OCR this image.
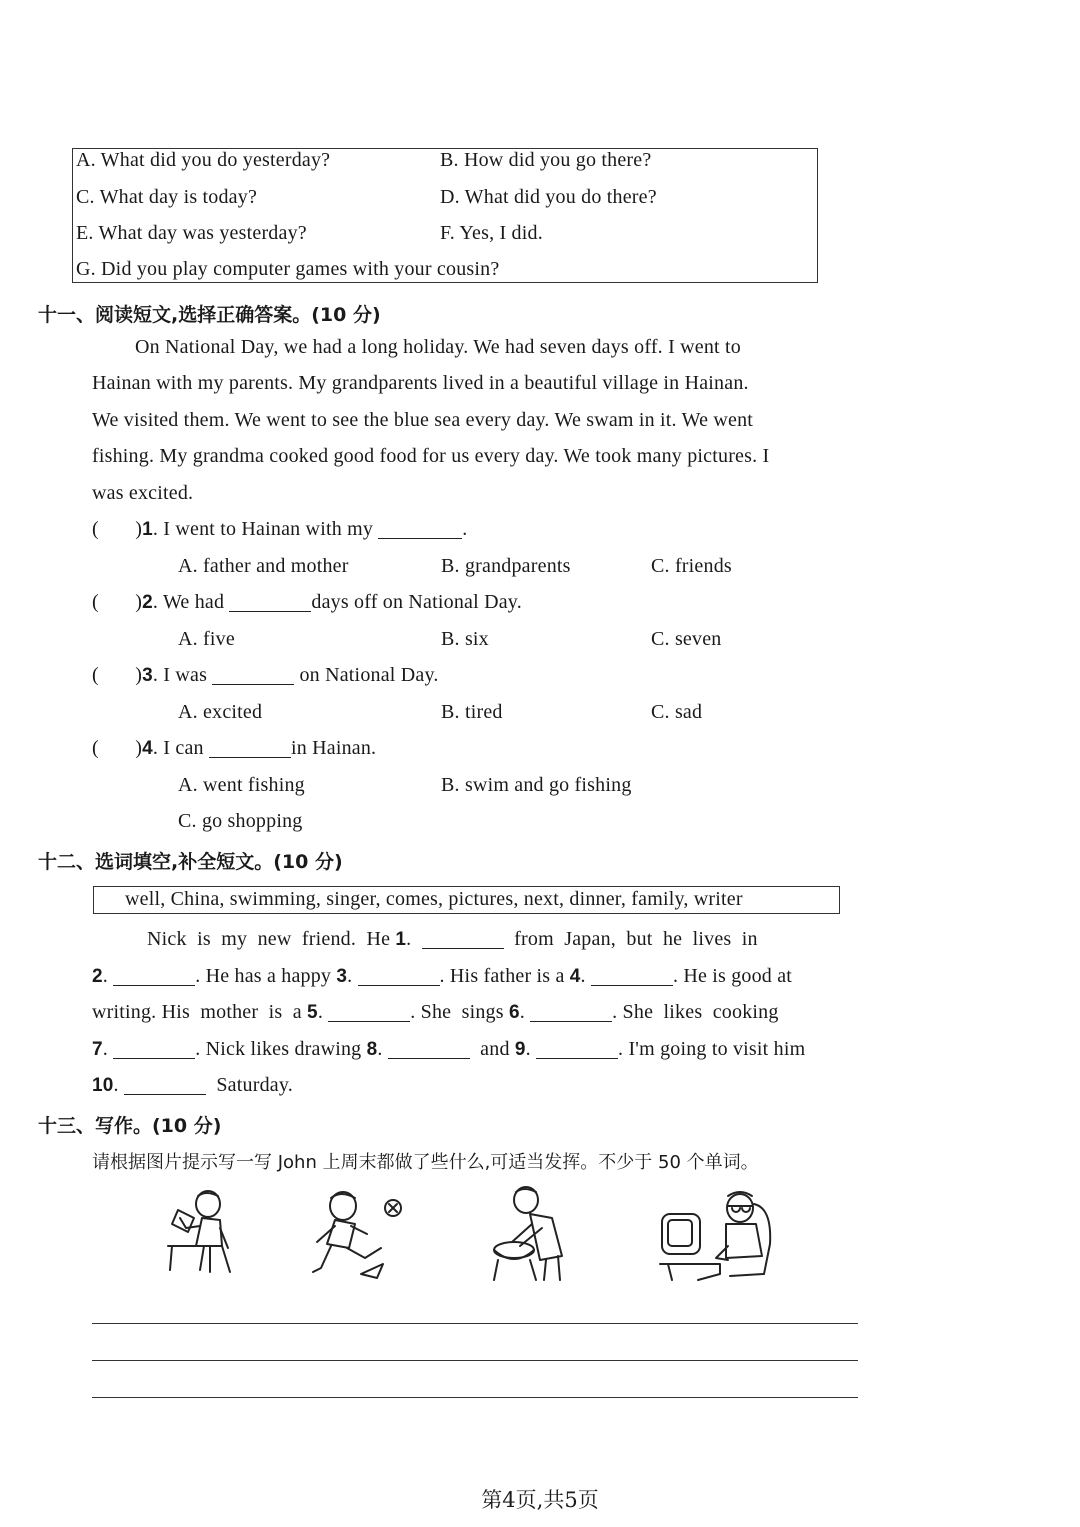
A. What did you do yesterday?	B. How did you go there?
C. What day is today?	D. What did you do there?
E. What day was yesterday?	F. Yes, I did.
G. Did you play computer games with your cousin?
十一、阅读短文,选择正确答案。(10 分)
On National Day, we had a long holiday. We had seven days off. I went to
Hainan with my parents. My grandparents lived in a beautiful village in Hainan.
We visited them. We went to see the blue sea every day. We swam in it. We went
fishing. My grandma cooked good food for us every day. We took many pictures. I
was excited.
(       )1. I went to Hainan with my	.
A. father and mother	B. grandparents	C. friends
(       )2. We had	days off on National Day.
A. five	B. six	C. seven
(       )3. I was	on National Day.
A. excited	B. tired	C. sad
(       )4. I can	in Hainan.
A. went fishing	B. swim and go fishing
C. go shopping
十二、选词填空,补全短文。(10 分)
well, China, swimming, singer, comes, pictures, next, dinner, family, writer
Nick  is  my  new  friend.  He 1.	from  Japan,  but  he  lives  in
2.	. He has a happy 3.	. His father is a 4.	. He is good at
writing. His  mother  is  a 5.	. She  sings 6.	. She  likes  cooking
7.	. Nick likes drawing 8.	and 9.	. I'm going to visit him
10.	Saturday.
十三、写作。(10 分)
请根据图片提示写一写 John 上周末都做了些什么,可适当发挥。不少于 50 个单词。
第4页,共5页
